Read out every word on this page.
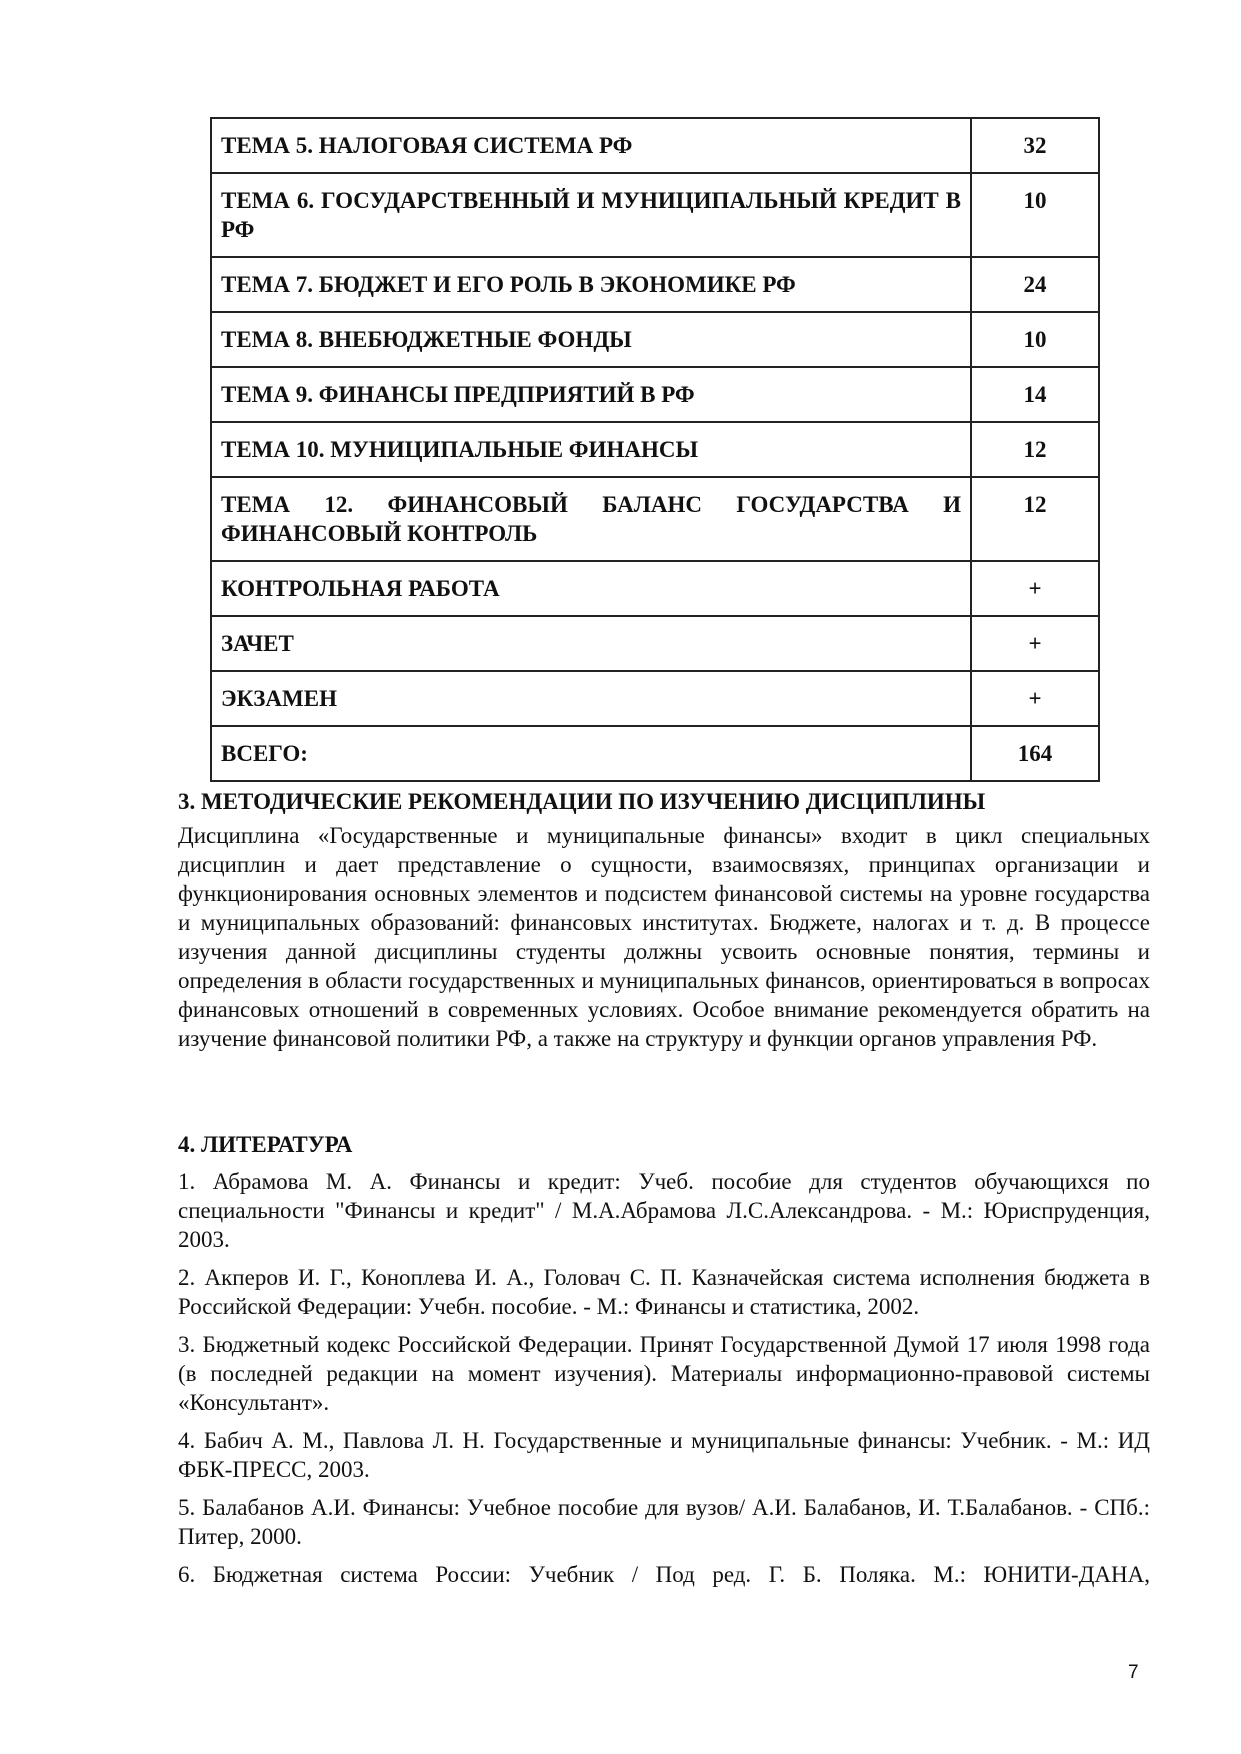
ТЕМА 5. НАЛОГОВАЯ СИСТЕМА РФ	32
ТЕМА 6. ГОСУДАРСТВЕННЫЙ И МУНИЦИПАЛЬНЫЙ КРЕДИТ В РФ	10
ТЕМА 7. БЮДЖЕТ И ЕГО РОЛЬ В ЭКОНОМИКЕ РФ	24
ТЕМА 8. ВНЕБЮДЖЕТНЫЕ ФОНДЫ	10
ТЕМА 9. ФИНАНСЫ ПРЕДПРИЯТИЙ В РФ	14
ТЕМА 10. МУНИЦИПАЛЬНЫЕ ФИНАНСЫ	12
ТЕМА 12. ФИНАНСОВЫЙ БАЛАНС ГОСУДАРСТВА И ФИНАНСОВЫЙ КОНТРОЛЬ	12
КОНТРОЛЬНАЯ РАБОТА	+
ЗАЧЕТ	+
ЭКЗАМЕН	+
ВСЕГО:	164
3. МЕТОДИЧЕСКИЕ РЕКОМЕНДАЦИИ ПО ИЗУЧЕНИЮ ДИСЦИПЛИНЫ

Дисциплина «Государственные и муниципальные финансы» входит в цикл специальных дисциплин и дает представление о сущности, взаимосвязях, принципах организации и функционирования основных элементов и подсистем финансовой системы на уровне государства и муниципальных образований: финансовых институтах. Бюджете, налогах и т. д. В процессе изучения данной дисциплины студенты должны усвоить основные понятия, термины и определения в области государственных и муниципальных финансов, ориентироваться в вопросах финансовых отношений в современных условиях. Особое внимание рекомендуется обратить на изучение финансовой политики РФ, а также на структуру и функции органов управления РФ.

4. ЛИТЕРАТУРА

1. Абрамова М. А. Финансы и кредит: Учеб. пособие для студентов обучающихся по специальности "Финансы и кредит" / М.А.Абрамова Л.С.Александрова. - М.: Юриспруденция, 2003.

2. Акперов И. Г., Коноплева И. А., Головач С. П. Казначейская система исполнения бюджета в Российской Федерации: Учебн. пособие. - М.: Финансы и статистика, 2002.

3. Бюджетный кодекс Российской Федерации. Принят Государственной Думой 17 июля 1998 года (в последней редакции на момент изучения). Материалы информационно-правовой системы «Консультант».

4. Бабич А. М., Павлова Л. Н. Государственные и муниципальные финансы: Учебник. - М.: ИД ФБК-ПРЕСС, 2003.

5. Балабанов А.И. Финансы: Учебное пособие для вузов/ А.И. Балабанов, И. Т.Балабанов. - СПб.: Питер, 2000.

6. Бюджетная система России: Учебник / Под ред. Г. Б. Поляка. М.: ЮНИТИ-ДАНА,

7
